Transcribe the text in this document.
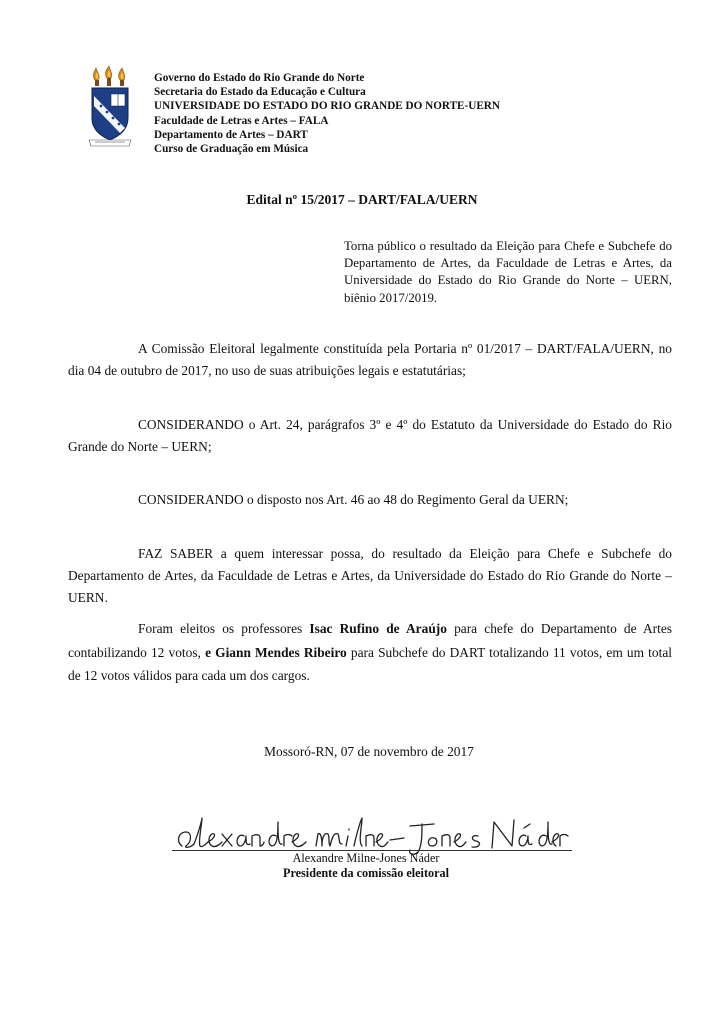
Governo do Estado do Rio Grande do Norte
Secretaria do Estado da Educação e Cultura
UNIVERSIDADE DO ESTADO DO RIO GRANDE DO NORTE-UERN
Faculdade de Letras e Artes – FALA
Departamento de Artes – DART
Curso de Graduação em Música
Edital nº 15/2017 – DART/FALA/UERN
Torna público o resultado da Eleição para Chefe e Subchefe do Departamento de Artes, da Faculdade de Letras e Artes, da Universidade do Estado do Rio Grande do Norte – UERN, biênio 2017/2019.

A Comissão Eleitoral legalmente constituída pela Portaria nº 01/2017 – DART/FALA/UERN, no dia 04 de outubro de 2017, no uso de suas atribuições legais e estatutárias;

CONSIDERANDO o Art. 24, parágrafos 3º e 4º do Estatuto da Universidade do Estado do Rio Grande do Norte – UERN;

CONSIDERANDO o disposto nos Art. 46 ao 48 do Regimento Geral da UERN;

FAZ SABER a quem interessar possa, do resultado da Eleição para Chefe e Subchefe do Departamento de Artes, da Faculdade de Letras e Artes, da Universidade do Estado do Rio Grande do Norte – UERN.

Foram eleitos os professores Isac Rufino de Araújo para chefe do Departamento de Artes contabilizando 12 votos, e Giann Mendes Ribeiro para Subchefe do DART totalizando 11 votos, em um total de 12 votos válidos para cada um dos cargos.

Mossoró-RN, 07 de novembro de 2017
Alexandre Milne-Jones Náder
Presidente da comissão eleitoral
